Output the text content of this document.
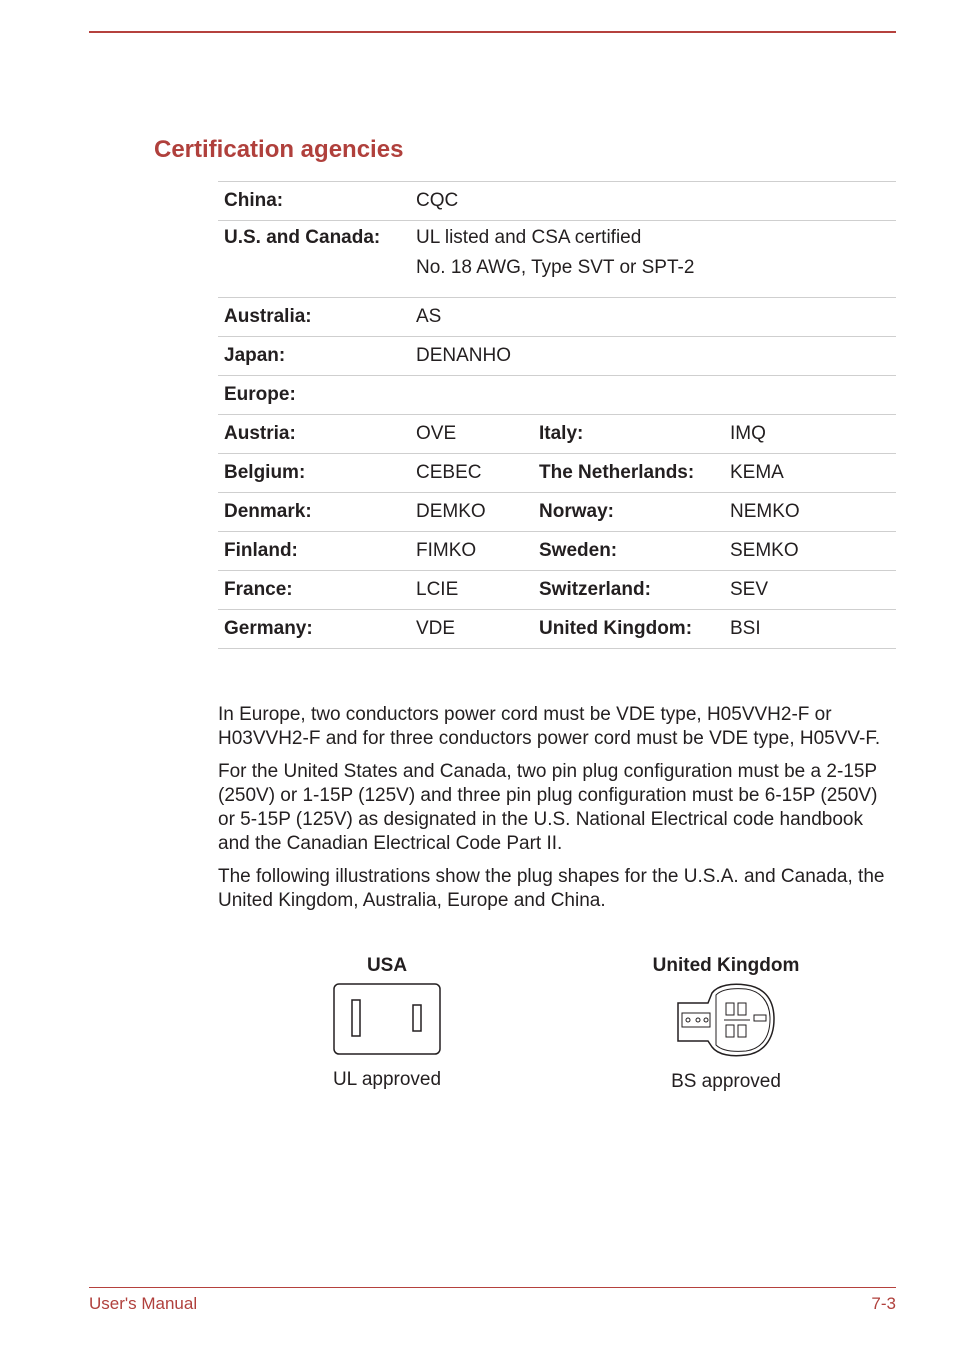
Certification agencies
China:	CQC		
U.S. and Canada:	UL listed and CSA certified
No. 18 AWG, Type SVT or SPT-2		

Australia:	AS		
Japan:	DENANHO		
Europe:			
Austria:	OVE	Italy:	IMQ
Belgium:	CEBEC	The Netherlands:	KEMA
Denmark:	DEMKO	Norway:	NEMKO
Finland:	FIMKO	Sweden:	SEMKO
France:	LCIE	Switzerland:	SEV
Germany:	VDE	United Kingdom:	BSI

In Europe, two conductors power cord must be VDE type, H05VVH2-F or H03VVH2-F and for three conductors power cord must be VDE type, H05VV-F.

For the United States and Canada, two pin plug configuration must be a 2-15P (250V) or 1-15P (125V) and three pin plug configuration must be 6-15P (250V) or 5-15P (125V) as designated in the U.S. National Electrical code handbook and the Canadian Electrical Code Part II.

The following illustrations show the plug shapes for the U.S.A. and Canada, the United Kingdom, Australia, Europe and China.

USA
UL approved
United Kingdom
BS approved
User's Manual	7-3
